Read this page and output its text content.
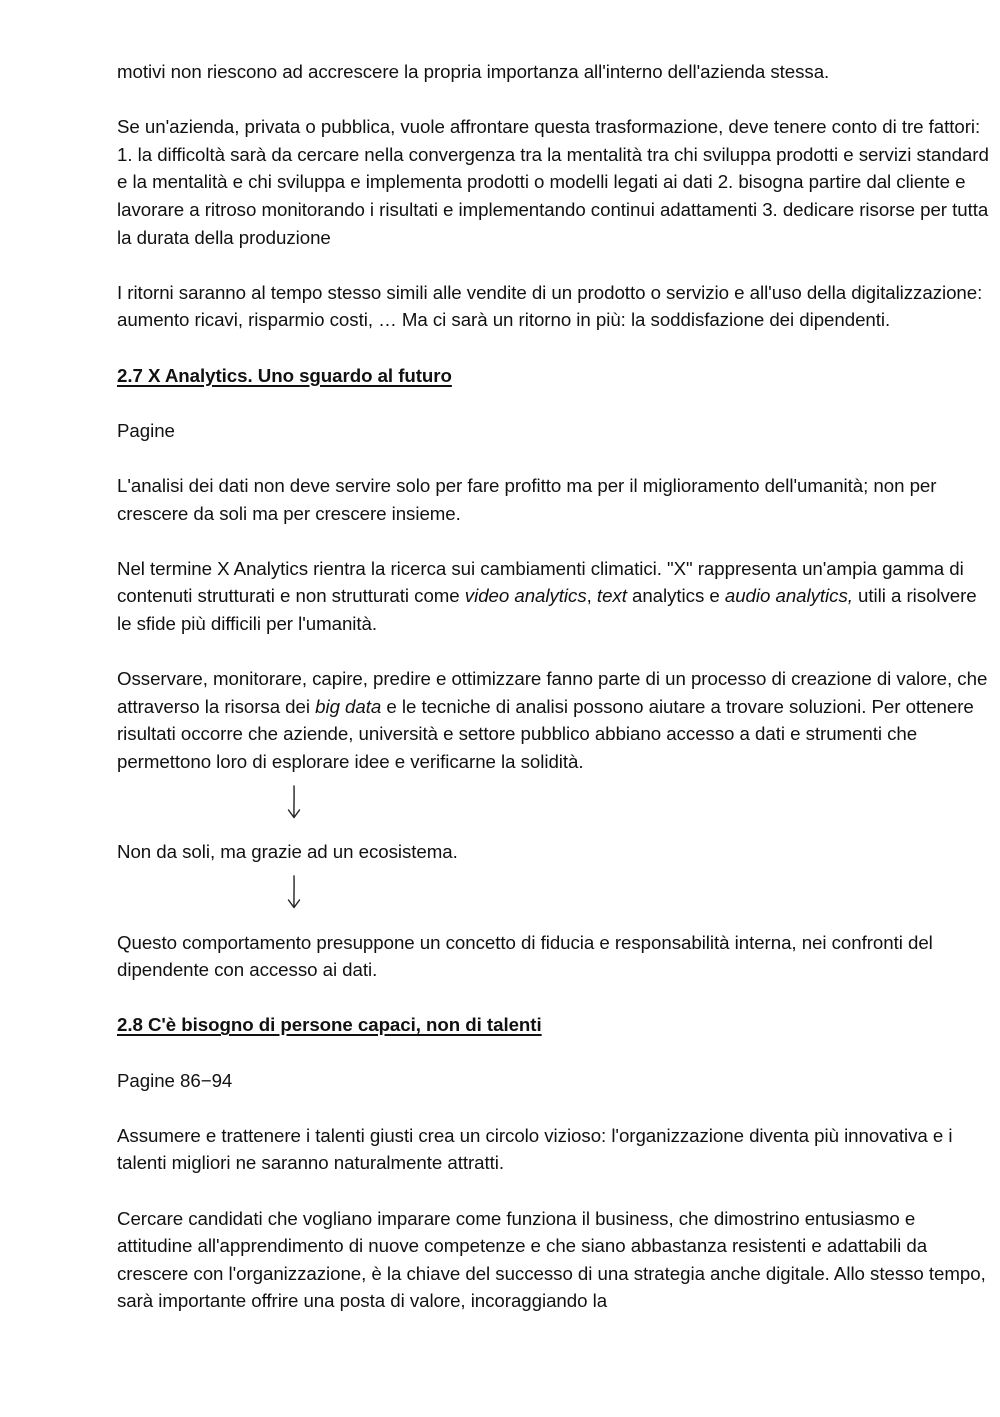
motivi non riescono ad accrescere la propria importanza all'interno dell'azienda stessa.

Se un'azienda, privata o pubblica, vuole affrontare questa trasformazione, deve tenere conto di tre fattori: 1. la difficoltà sarà da cercare nella convergenza tra la mentalità tra chi sviluppa prodotti e servizi standard e la mentalità e chi sviluppa e implementa prodotti o modelli legati ai dati 2. bisogna partire dal cliente e lavorare a ritroso monitorando i risultati e implementando continui adattamenti 3. dedicare risorse per tutta la durata della produzione

I ritorni saranno al tempo stesso simili alle vendite di un prodotto o servizio e all'uso della digitalizzazione: aumento ricavi, risparmio costi, … Ma ci sarà un ritorno in più: la soddisfazione dei dipendenti.

2.7 X Analytics. Uno sguardo al futuro

Pagine

L'analisi dei dati non deve servire solo per fare profitto ma per il miglioramento dell'umanità; non per crescere da soli ma per crescere insieme.

Nel termine X Analytics rientra la ricerca sui cambiamenti climatici. "X" rappresenta un'ampia gamma di contenuti strutturati e non strutturati come video analytics, text analytics e audio analytics, utili a risolvere le sfide più difficili per l'umanità.

Osservare, monitorare, capire, predire e ottimizzare fanno parte di un processo di creazione di valore, che attraverso la risorsa dei big data e le tecniche di analisi possono aiutare a trovare soluzioni. Per ottenere risultati occorre che aziende, università e settore pubblico abbiano accesso a dati e strumenti che permettono loro di esplorare idee e verificarne la solidità.

Non da soli, ma grazie ad un ecosistema.

Questo comportamento presuppone un concetto di fiducia e responsabilità interna, nei confronti del dipendente con accesso ai dati.

2.8 C'è bisogno di persone capaci, non di talenti

Pagine 86−94

Assumere e trattenere i talenti giusti crea un circolo vizioso: l'organizzazione diventa più innovativa e i talenti migliori ne saranno naturalmente attratti.

Cercare candidati che vogliano imparare come funziona il business, che dimostrino entusiasmo e attitudine all'apprendimento di nuove competenze e che siano abbastanza resistenti e adattabili da crescere con l'organizzazione, è la chiave del successo di una strategia anche digitale. Allo stesso tempo, sarà importante offrire una posta di valore, incoraggiando la
